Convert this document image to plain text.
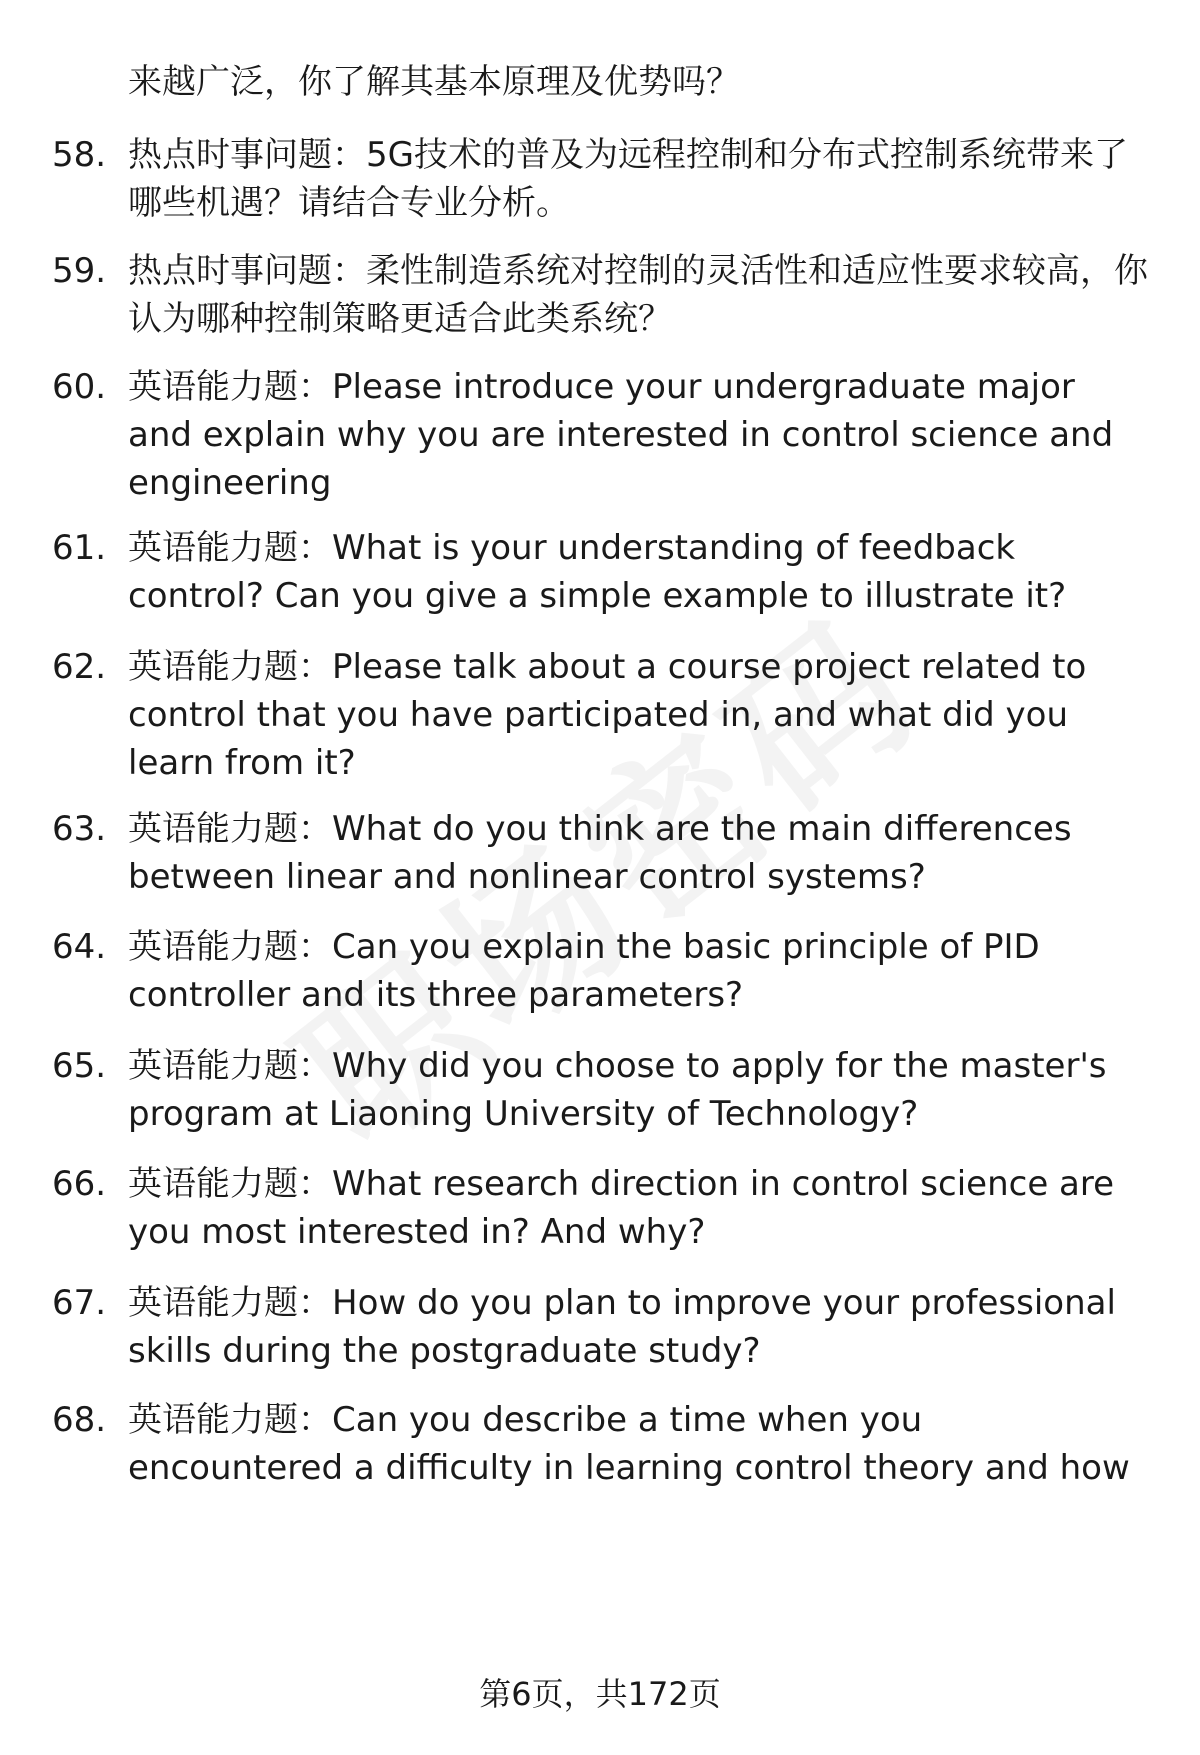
来越广泛，你了解其基本原理及优势吗？
58. 热点时事问题：5G技术的普及为远程控制和分布式控制系统带来了哪些机遇？请结合专业分析。
59. 热点时事问题：柔性制造系统对控制的灵活性和适应性要求较高，你认为哪种控制策略更适合此类系统？
60. 英语能力题：Please introduce your undergraduate major and explain why you are interested in control science and engineering
61. 英语能力题：What is your understanding of feedback control? Can you give a simple example to illustrate it?
62. 英语能力题：Please talk about a course project related to control that you have participated in, and what did you learn from it?
63. 英语能力题：What do you think are the main differences between linear and nonlinear control systems?
64. 英语能力题：Can you explain the basic principle of PID controller and its three parameters?
65. 英语能力题：Why did you choose to apply for the master's program at Liaoning University of Technology?
66. 英语能力题：What research direction in control science are you most interested in? And why?
67. 英语能力题：How do you plan to improve your professional skills during the postgraduate study?
68. 英语能力题：Can you describe a time when you encountered a difficulty in learning control theory and how
第6页，共172页
